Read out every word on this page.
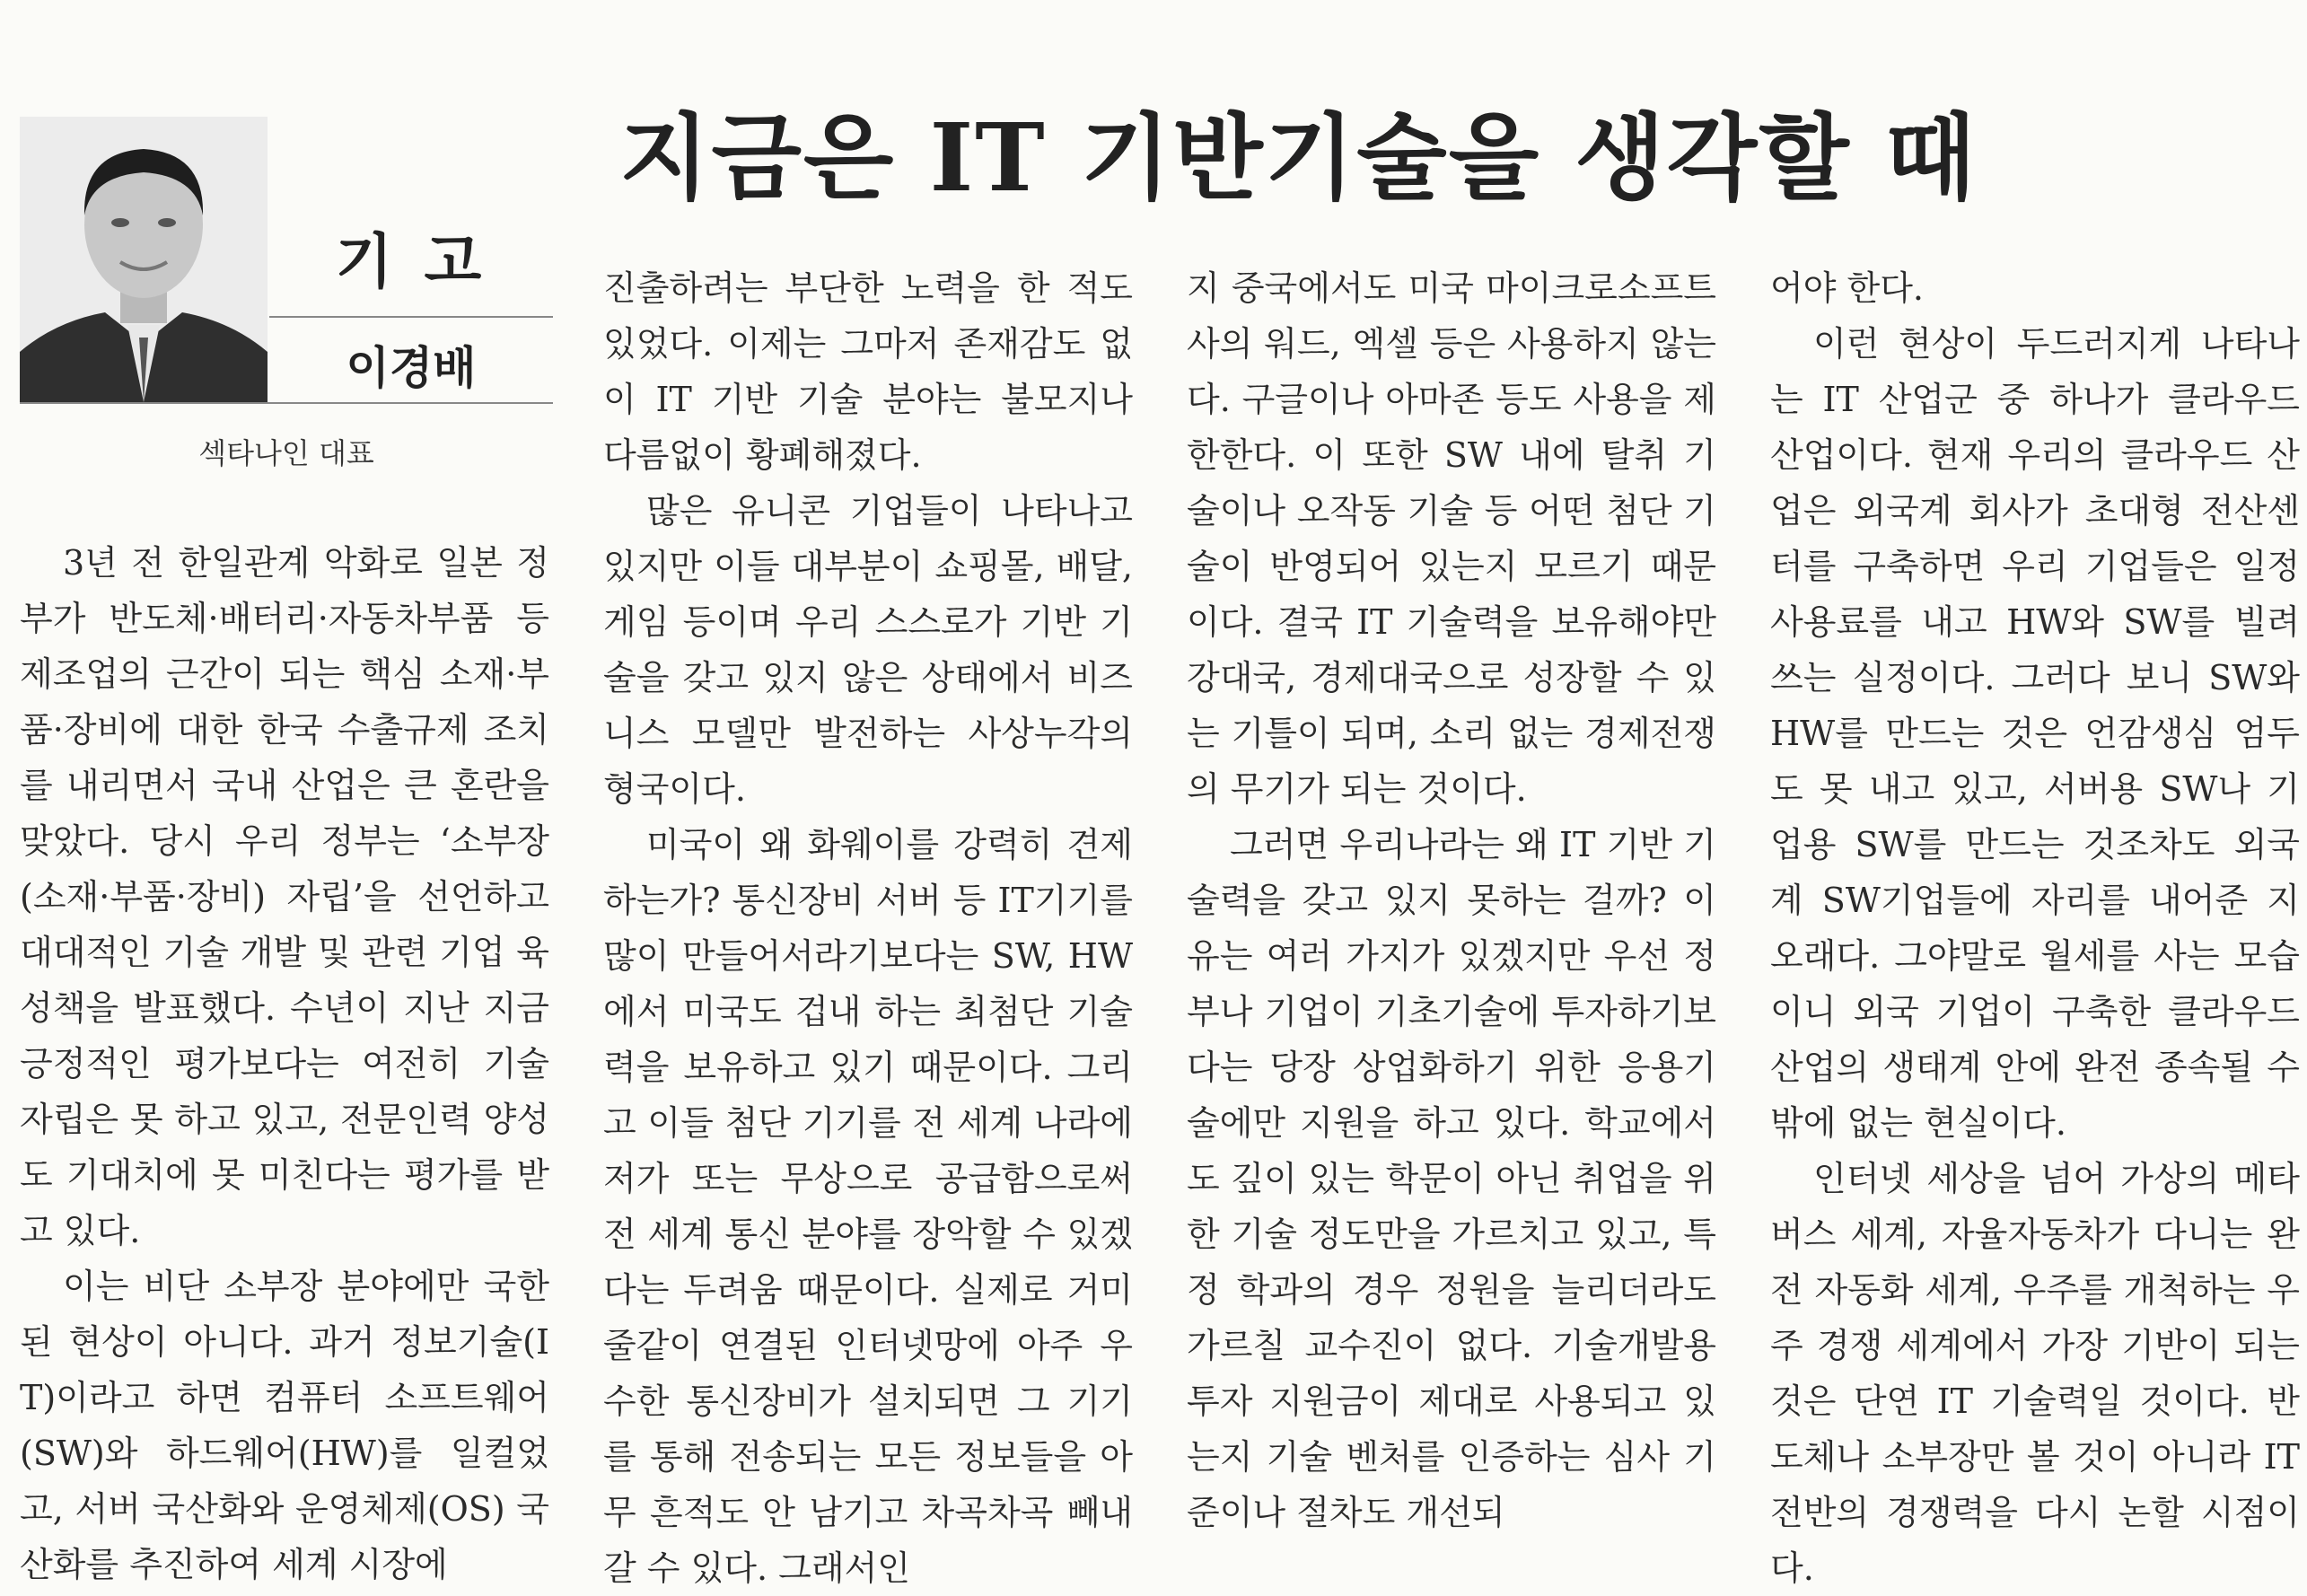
지금은 IT 기반기술을 생각할 때
기 고
이경배
섹타나인 대표

3년 전 한일관계 악화로 일본 정부가 반도체·배터리·자동차부품 등 제조업의 근간이 되는 핵심 소재·부품·장비에 대한 한국 수출규제 조치를 내리면서 국내 산업은 큰 혼란을 맞았다. 당시 우리 정부는 ‘소부장(소재·부품·장비) 자립’을 선언하고 대대적인 기술 개발 및 관련 기업 육성책을 발표했다. 수년이 지난 지금 긍정적인 평가보다는 여전히 기술 자립은 못 하고 있고, 전문인력 양성도 기대치에 못 미친다는 평가를 받고 있다.

이는 비단 소부장 분야에만 국한된 현상이 아니다. 과거 정보기술(IT)이라고 하면 컴퓨터 소프트웨어(SW)와 하드웨어(HW)를 일컬었고, 서버 국산화와 운영체제(OS) 국산화를 추진하여 세계 시장에

진출하려는 부단한 노력을 한 적도 있었다. 이제는 그마저 존재감도 없이 IT 기반 기술 분야는 불모지나 다름없이 황폐해졌다.

많은 유니콘 기업들이 나타나고 있지만 이들 대부분이 쇼핑몰, 배달, 게임 등이며 우리 스스로가 기반 기술을 갖고 있지 않은 상태에서 비즈니스 모델만 발전하는 사상누각의 형국이다.

미국이 왜 화웨이를 강력히 견제하는가? 통신장비 서버 등 IT기기를 많이 만들어서라기보다는 SW, HW에서 미국도 겁내 하는 최첨단 기술력을 보유하고 있기 때문이다. 그리고 이들 첨단 기기를 전 세계 나라에 저가 또는 무상으로 공급함으로써 전 세계 통신 분야를 장악할 수 있겠다는 두려움 때문이다. 실제로 거미줄같이 연결된 인터넷망에 아주 우수한 통신장비가 설치되면 그 기기를 통해 전송되는 모든 정보들을 아무 흔적도 안 남기고 차곡차곡 빼내 갈 수 있다. 그래서인

지 중국에서도 미국 마이크로소프트사의 워드, 엑셀 등은 사용하지 않는다. 구글이나 아마존 등도 사용을 제한한다. 이 또한 SW 내에 탈취 기술이나 오작동 기술 등 어떤 첨단 기술이 반영되어 있는지 모르기 때문이다. 결국 IT 기술력을 보유해야만 강대국, 경제대국으로 성장할 수 있는 기틀이 되며, 소리 없는 경제전쟁의 무기가 되는 것이다.

그러면 우리나라는 왜 IT 기반 기술력을 갖고 있지 못하는 걸까? 이유는 여러 가지가 있겠지만 우선 정부나 기업이 기초기술에 투자하기보다는 당장 상업화하기 위한 응용기술에만 지원을 하고 있다. 학교에서도 깊이 있는 학문이 아닌 취업을 위한 기술 정도만을 가르치고 있고, 특정 학과의 경우 정원을 늘리더라도 가르칠 교수진이 없다. 기술개발용 투자 지원금이 제대로 사용되고 있는지 기술 벤처를 인증하는 심사 기준이나 절차도 개선되

어야 한다.

이런 현상이 두드러지게 나타나는 IT 산업군 중 하나가 클라우드 산업이다. 현재 우리의 클라우드 산업은 외국계 회사가 초대형 전산센터를 구축하면 우리 기업들은 일정 사용료를 내고 HW와 SW를 빌려 쓰는 실정이다. 그러다 보니 SW와 HW를 만드는 것은 언감생심 엄두도 못 내고 있고, 서버용 SW나 기업용 SW를 만드는 것조차도 외국계 SW기업들에 자리를 내어준 지 오래다. 그야말로 월세를 사는 모습이니 외국 기업이 구축한 클라우드 산업의 생태계 안에 완전 종속될 수밖에 없는 현실이다.

인터넷 세상을 넘어 가상의 메타버스 세계, 자율자동차가 다니는 완전 자동화 세계, 우주를 개척하는 우주 경쟁 세계에서 가장 기반이 되는 것은 단연 IT 기술력일 것이다. 반도체나 소부장만 볼 것이 아니라 IT 전반의 경쟁력을 다시 논할 시점이다.
